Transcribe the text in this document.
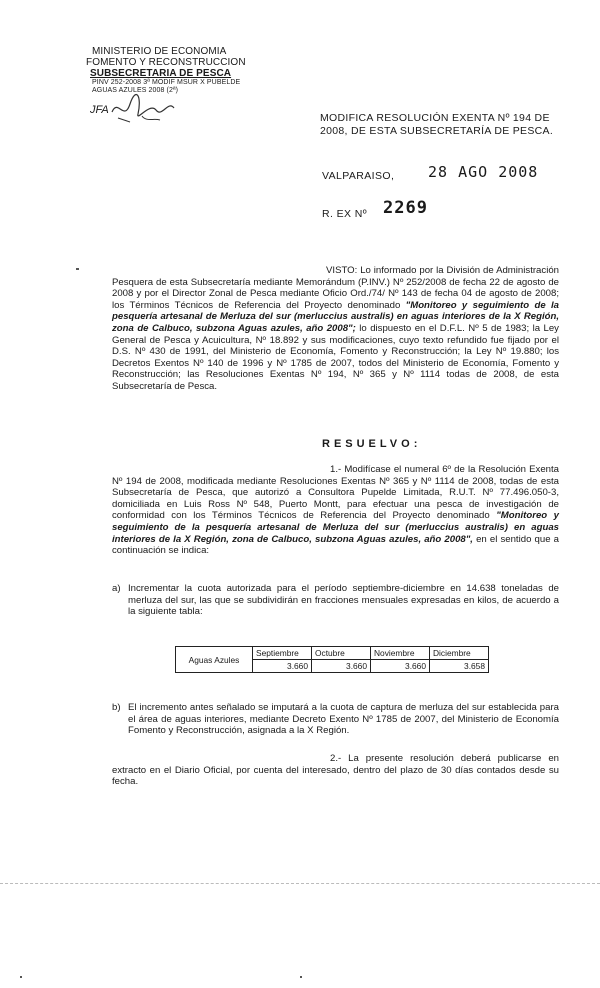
MINISTERIO DE ECONOMIA
FOMENTO Y RECONSTRUCCION
SUBSECRETARIA DE PESCA
PINV 252-2008 3ª MODIF MSUR X PUBELDE
AGUAS AZULES 2008 (2ª)
JFA
MODIFICA RESOLUCIÓN EXENTA Nº 194 DE 2008, DE ESTA SUBSECRETARÍA DE PESCA.
VALPARAISO, 28 AGO 2008
R. EX Nº 2269
VISTO: Lo informado por la División de Administración Pesquera de esta Subsecretaría mediante Memorándum (P.INV.) Nº 252/2008 de fecha 22 de agosto de 2008 y por el Director Zonal de Pesca mediante Oficio Ord./74/ Nº 143 de fecha 04 de agosto de 2008; los Términos Técnicos de Referencia del Proyecto denominado "Monitoreo y seguimiento de la pesquería artesanal de Merluza del sur (merluccius australis) en aguas interiores de la X Región, zona de Calbuco, subzona Aguas azules, año 2008"; lo dispuesto en el D.F.L. Nº 5 de 1983; la Ley General de Pesca y Acuicultura, Nº 18.892 y sus modificaciones, cuyo texto refundido fue fijado por el D.S. Nº 430 de 1991, del Ministerio de Economía, Fomento y Reconstrucción; la Ley Nº 19.880; los Decretos Exentos Nº 140 de 1996 y Nº 1785 de 2007, todos del Ministerio de Economía, Fomento y Reconstrucción; las Resoluciones Exentas Nº 194, Nº 365 y Nº 1114 todas de 2008, de esta Subsecretaría de Pesca.
RESUELVO:
1.- Modifícase el numeral 6º de la Resolución Exenta Nº 194 de 2008, modificada mediante Resoluciones Exentas Nº 365 y Nº 1114 de 2008, todas de esta Subsecretaría de Pesca, que autorizó a Consultora Pupelde Limitada, R.U.T. Nº 77.496.050-3, domiciliada en Luis Ross Nº 548, Puerto Montt, para efectuar una pesca de investigación de conformidad con los Términos Técnicos de Referencia del Proyecto denominado "Monitoreo y seguimiento de la pesquería artesanal de Merluza del sur (merluccius australis) en aguas interiores de la X Región, zona de Calbuco, subzona Aguas azules, año 2008", en el sentido que a continuación se indica:
a) Incrementar la cuota autorizada para el período septiembre-diciembre en 14.638 toneladas de merluza del sur, las que se subdividirán en fracciones mensuales expresadas en kilos, de acuerdo a la siguiente tabla:
Aguas Azules	Septiembre	Octubre	Noviembre	Diciembre
	3.660	3.660	3.660	3.658
b) El incremento antes señalado se imputará a la cuota de captura de merluza del sur establecida para el área de aguas interiores, mediante Decreto Exento Nº 1785 de 2007, del Ministerio de Economía Fomento y Reconstrucción, asignada a la X Región.
2.- La presente resolución deberá publicarse en extracto en el Diario Oficial, por cuenta del interesado, dentro del plazo de 30 días contados desde su fecha.
